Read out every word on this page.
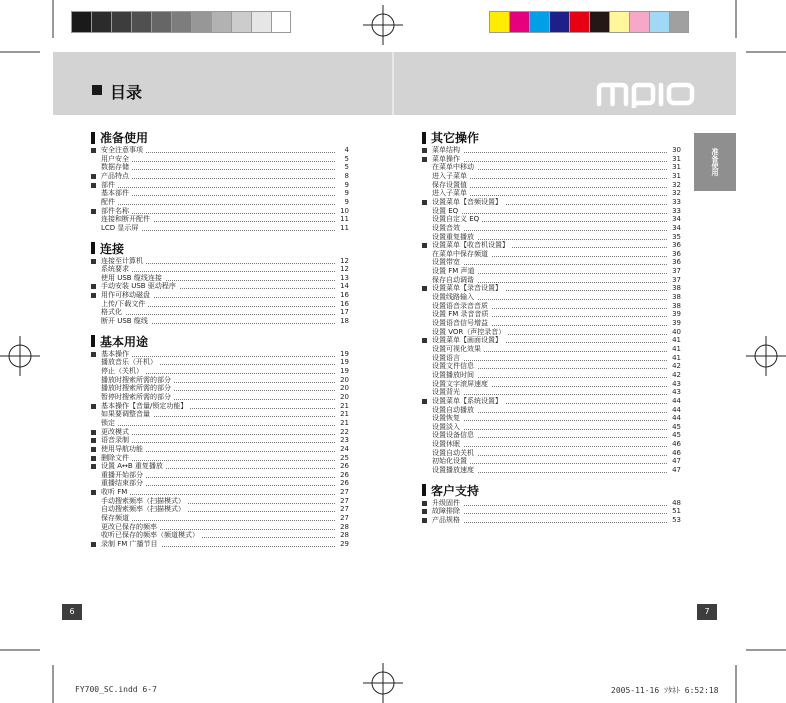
目录
准备使用
安全注意事项	4
用户安全	5
数据存储	5
产品特点	8
部件	9
基本部件	9
配件	9
部件名称	10
连接和断开配件	11
LCD 显示屏	11
连接
连接至计算机	12
系统要求	12
使用 USB 缆线连接	13
手动安装 USB 驱动程序	14
用作可移动磁盘	16
上传/下载文件	16
格式化	17
断开 USB 缆线	18
基本用途
基本操作	19
播放音乐（开机）	19
停止（关机）	19
播放时搜索所需的部分	20
播放时搜索所需的部分	20
暂停时搜索所需的部分	20
基本操作【音量/锁定功能】	21
如果要调整音量	21
锁定	21
更改模式	22
语音录制	23
使用导航功能	24
删除文件	25
设置 A↔B 重复播放	26
重播开始部分	26
重播结束部分	26
收听 FM	27
手动搜索频率（扫描模式）	27
自动搜索频率（扫描模式）	27
保存频道	27
更改已保存的频率	28
收听已保存的频率（频道模式）	28
录制 FM 广播节目	29
其它操作
菜单结构	30
菜单操作	31
在菜单中移动	31
进入子菜单	31
保存设置值	32
进入子菜单	32
设置菜单【音频设置】	33
设置 EQ	33
设置自定义 EQ	34
设置音效	34
设置重复播放	35
设置菜单【收音机设置】	36
在菜单中保存频道	36
设置带宽	36
设置 FM 声道	37
保存自动调谐	37
设置菜单【录音设置】	38
设置线路输入	38
设置语音录音音质	38
设置 FM 录音音质	39
设置语音信号增益	39
设置 VOR（声控录音）	40
设置菜单【画面设置】	41
设置可视化效果	41
设置语言	41
设置文件信息	42
设置播放时间	42
设置文字滚屏速度	43
设置背光	43
设置菜单【系统设置】	44
设置自动播放	44
设置恢复	44
设置淡入	45
设置设备信息	45
设置休眠	46
设置自动关机	46
初始化设置	47
设置播放速度	47
客户支持
升级固件	48
故障排除	51
产品规格	53
准备使用
6	7
FY700_SC.indd 6-7	2005-11-16 ｿﾀﾈﾄ 6:52:18
